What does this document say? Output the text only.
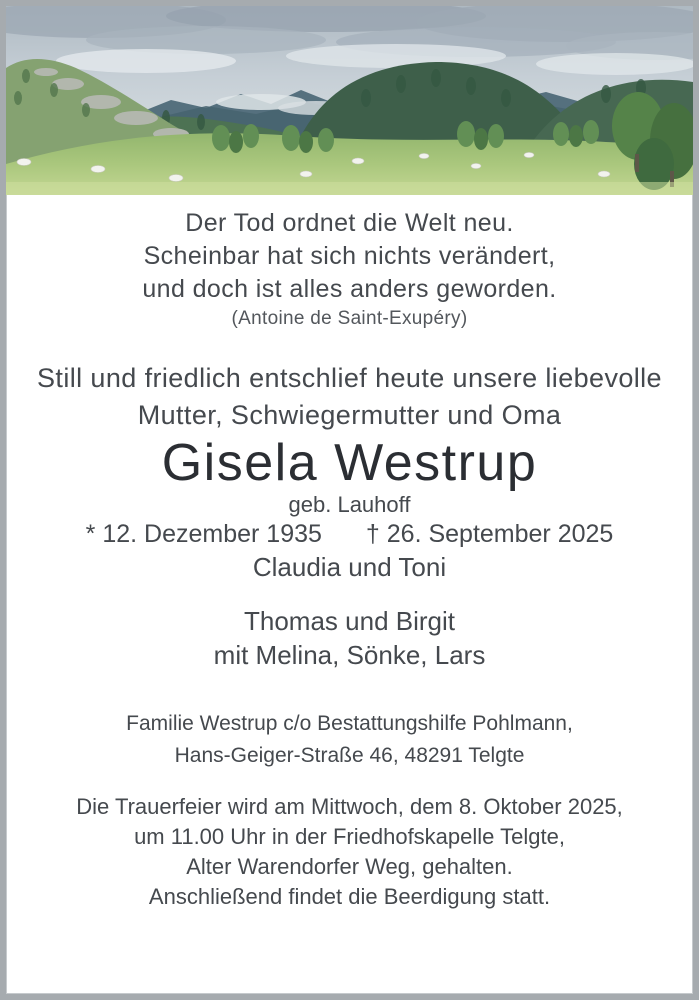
Der Tod ordnet die Welt neu.

Scheinbar hat sich nichts verändert,

und doch ist alles anders geworden.

(Antoine de Saint-Exupéry)

Still und friedlich entschlief heute unsere liebevolle

Mutter, Schwiegermutter und Oma

Gisela Westrup

geb. Lauhoff

* 12. Dezember 1935 † 26. September 2025

Claudia und Toni

Thomas und Birgit

mit Melina, Sönke, Lars

Familie Westrup c/o Bestattungshilfe Pohlmann,

Hans-Geiger-Straße 46, 48291 Telgte

Die Trauerfeier wird am Mittwoch, dem 8. Oktober 2025,

um 11.00 Uhr in der Friedhofskapelle Telgte,

Alter Warendorfer Weg, gehalten.

Anschließend findet die Beerdigung statt.
